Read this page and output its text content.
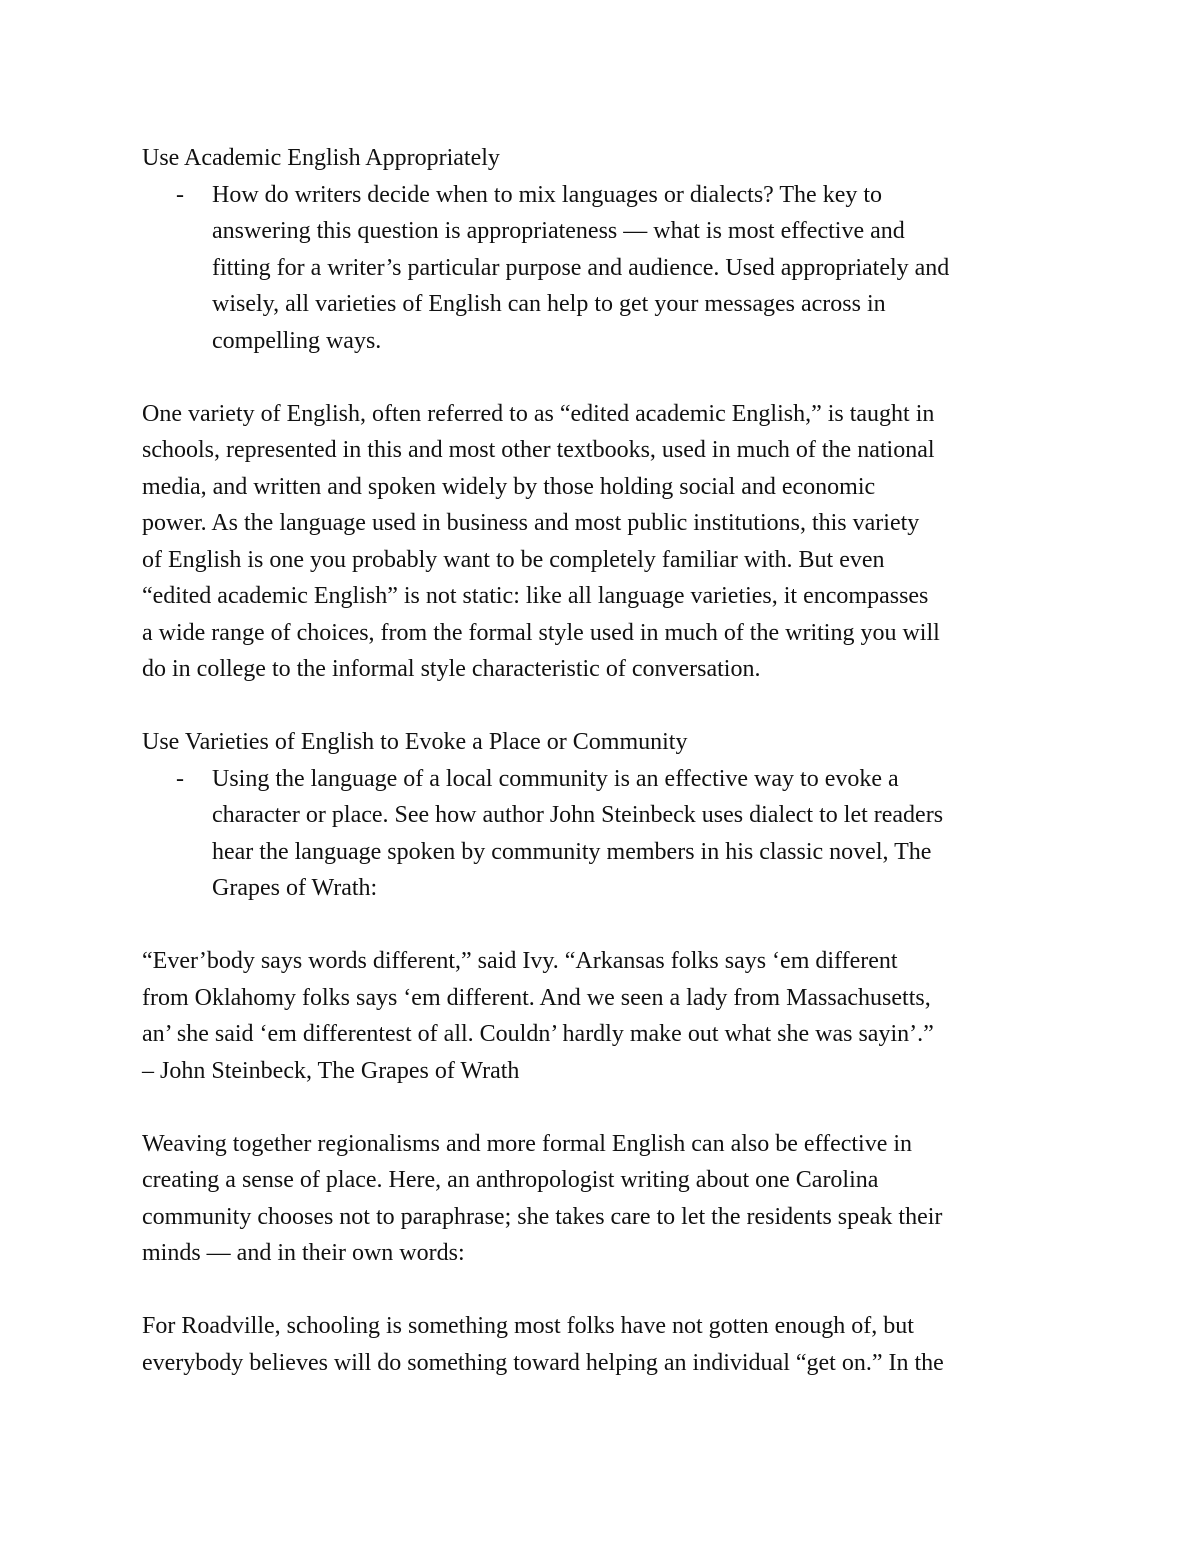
Use Academic English Appropriately
-	How do writers decide when to mix languages or dialects? The key to
answering this question is appropriateness — what is most effective and
fitting for a writer’s particular purpose and audience. Used appropriately and
wisely, all varieties of English can help to get your messages across in
compelling ways.
One variety of English, often referred to as “edited academic English,” is taught in
schools, represented in this and most other textbooks, used in much of the national
media, and written and spoken widely by those holding social and economic
power. As the language used in business and most public institutions, this variety
of English is one you probably want to be completely familiar with. But even
“edited academic English” is not static: like all language varieties, it encompasses
a wide range of choices, from the formal style used in much of the writing you will
do in college to the informal style characteristic of conversation.
Use Varieties of English to Evoke a Place or Community
-	Using the language of a local community is an effective way to evoke a
character or place. See how author John Steinbeck uses dialect to let readers
hear the language spoken by community members in his classic novel, The
Grapes of Wrath:
“Ever’body says words different,” said Ivy. “Arkansas folks says ‘em different
from Oklahomy folks says ‘em different. And we seen a lady from Massachusetts,
an’ she said ‘em differentest of all. Couldn’ hardly make out what she was sayin’.”
– John Steinbeck, The Grapes of Wrath
Weaving together regionalisms and more formal English can also be effective in
creating a sense of place. Here, an anthropologist writing about one Carolina
community chooses not to paraphrase; she takes care to let the residents speak their
minds — and in their own words:
For Roadville, schooling is something most folks have not gotten enough of, but
everybody believes will do something toward helping an individual “get on.” In the
